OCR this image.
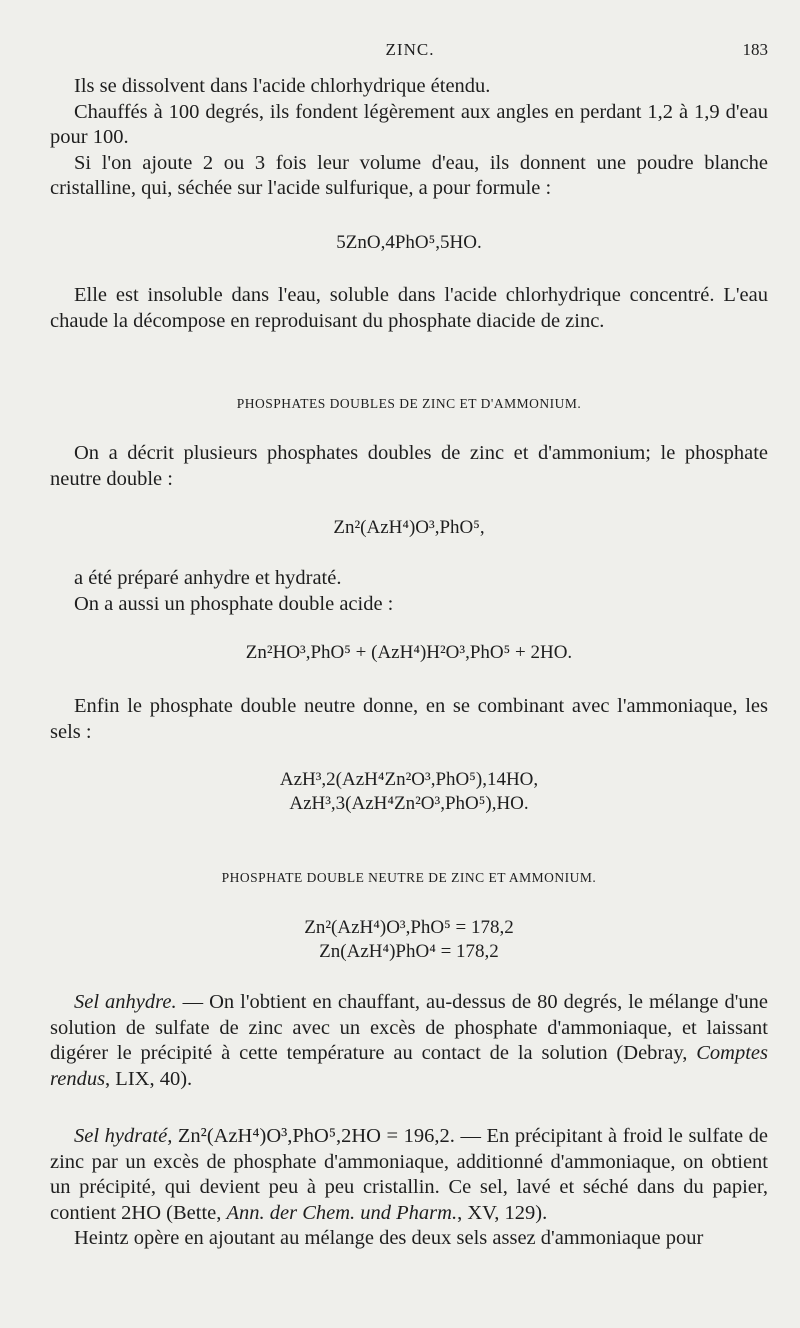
ZINC.	183

Ils se dissolvent dans l'acide chlorhydrique étendu.

Chauffés à 100 degrés, ils fondent légèrement aux angles en perdant 1,2 à 1,9 d'eau pour 100.

Si l'on ajoute 2 ou 3 fois leur volume d'eau, ils donnent une poudre blanche cristalline, qui, séchée sur l'acide sulfurique, a pour formule :

5ZnO,4PhO⁵,5HO.

Elle est insoluble dans l'eau, soluble dans l'acide chlorhydrique concentré. L'eau chaude la décompose en reproduisant du phosphate diacide de zinc.

PHOSPHATES DOUBLES DE ZINC ET D'AMMONIUM.

On a décrit plusieurs phosphates doubles de zinc et d'ammonium; le phosphate neutre double :

Zn²(AzH⁴)O³,PhO⁵,

a été préparé anhydre et hydraté.

On a aussi un phosphate double acide :

Zn²HO³,PhO⁵ + (AzH⁴)H²O³,PhO⁵ + 2HO.

Enfin le phosphate double neutre donne, en se combinant avec l'ammoniaque, les sels :

AzH³,2(AzH⁴Zn²O³,PhO⁵),14HO,
AzH³,3(AzH⁴Zn²O³,PhO⁵),HO.
PHOSPHATE DOUBLE NEUTRE DE ZINC ET AMMONIUM.
Zn²(AzH⁴)O³,PhO⁵ = 178,2
Zn(AzH⁴)PhO⁴ = 178,2

Sel anhydre. — On l'obtient en chauffant, au-dessus de 80 degrés, le mélange d'une solution de sulfate de zinc avec un excès de phosphate d'ammoniaque, et laissant digérer le précipité à cette température au contact de la solution (Debray, Comptes rendus, LIX, 40).

Sel hydraté, Zn²(AzH⁴)O³,PhO⁵,2HO = 196,2. — En précipitant à froid le sulfate de zinc par un excès de phosphate d'ammoniaque, additionné d'ammoniaque, on obtient un précipité, qui devient peu à peu cristallin. Ce sel, lavé et séché dans du papier, contient 2HO (Bette, Ann. der Chem. und Pharm., XV, 129).

Heintz opère en ajoutant au mélange des deux sels assez d'ammoniaque pour
